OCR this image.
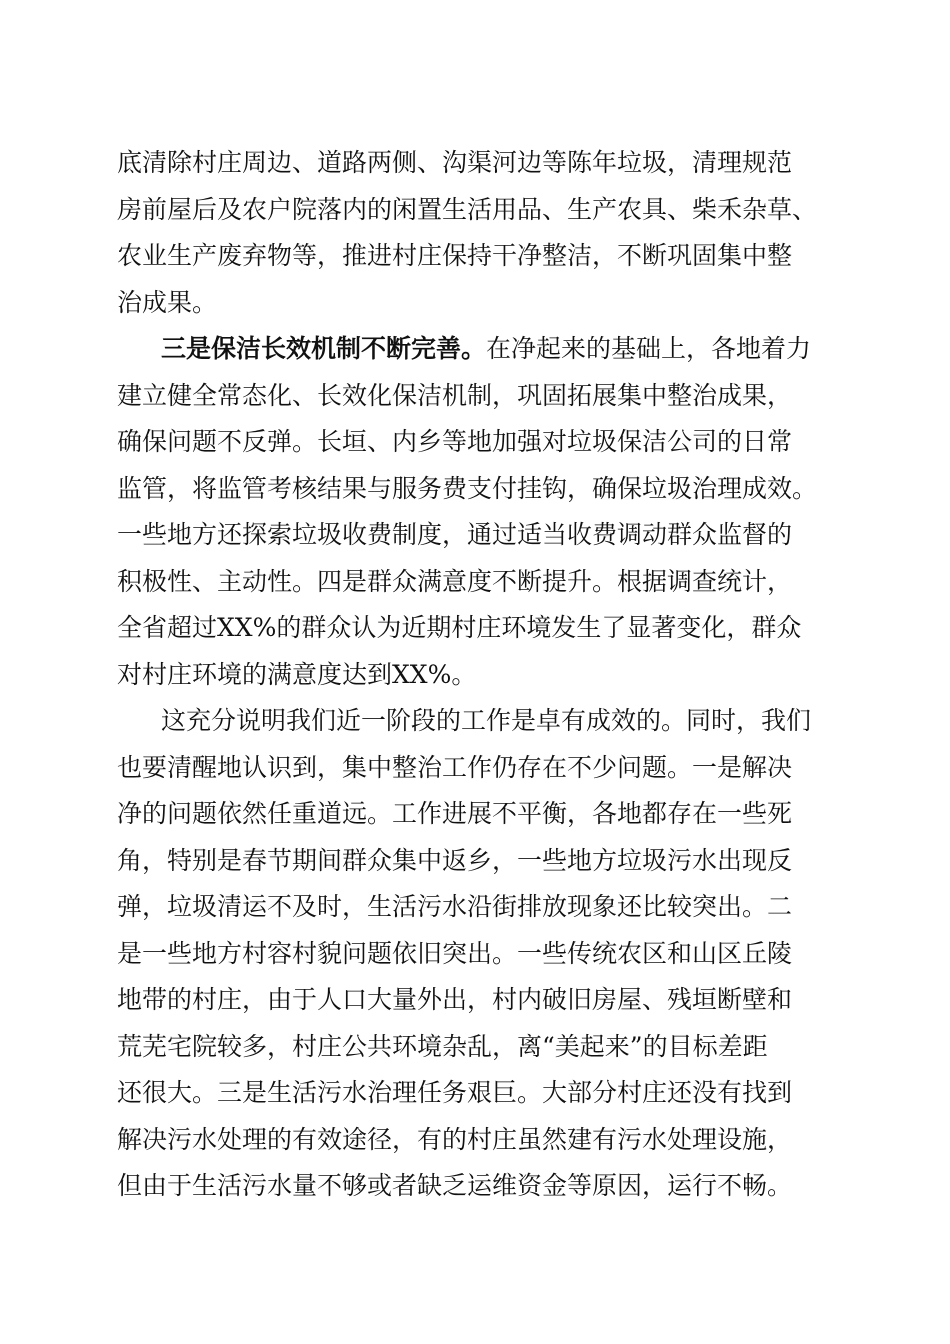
底清除村庄周边、道路两侧、沟渠河边等陈年垃圾，清理规范
房前屋后及农户院落内的闲置生活用品、生产农具、柴禾杂草、
农业生产废弃物等，推进村庄保持干净整洁，不断巩固集中整
治成果。
三是保洁长效机制不断完善。在净起来的基础上，各地着力
建立健全常态化、长效化保洁机制，巩固拓展集中整治成果，
确保问题不反弹。长垣、内乡等地加强对垃圾保洁公司的日常
监管，将监管考核结果与服务费支付挂钩，确保垃圾治理成效。
一些地方还探索垃圾收费制度，通过适当收费调动群众监督的
积极性、主动性。四是群众满意度不断提升。根据调查统计，
全省超过XX%的群众认为近期村庄环境发生了显著变化，群众
对村庄环境的满意度达到XX%。
这充分说明我们近一阶段的工作是卓有成效的。同时，我们
也要清醒地认识到，集中整治工作仍存在不少问题。一是解决
净的问题依然任重道远。工作进展不平衡，各地都存在一些死
角，特别是春节期间群众集中返乡，一些地方垃圾污水出现反
弹，垃圾清运不及时，生活污水沿街排放现象还比较突出。二
是一些地方村容村貌问题依旧突出。一些传统农区和山区丘陵
地带的村庄，由于人口大量外出，村内破旧房屋、残垣断壁和
荒芜宅院较多，村庄公共环境杂乱，离“美起来”的目标差距
还很大。三是生活污水治理任务艰巨。大部分村庄还没有找到
解决污水处理的有效途径，有的村庄虽然建有污水处理设施，
但由于生活污水量不够或者缺乏运维资金等原因，运行不畅。
